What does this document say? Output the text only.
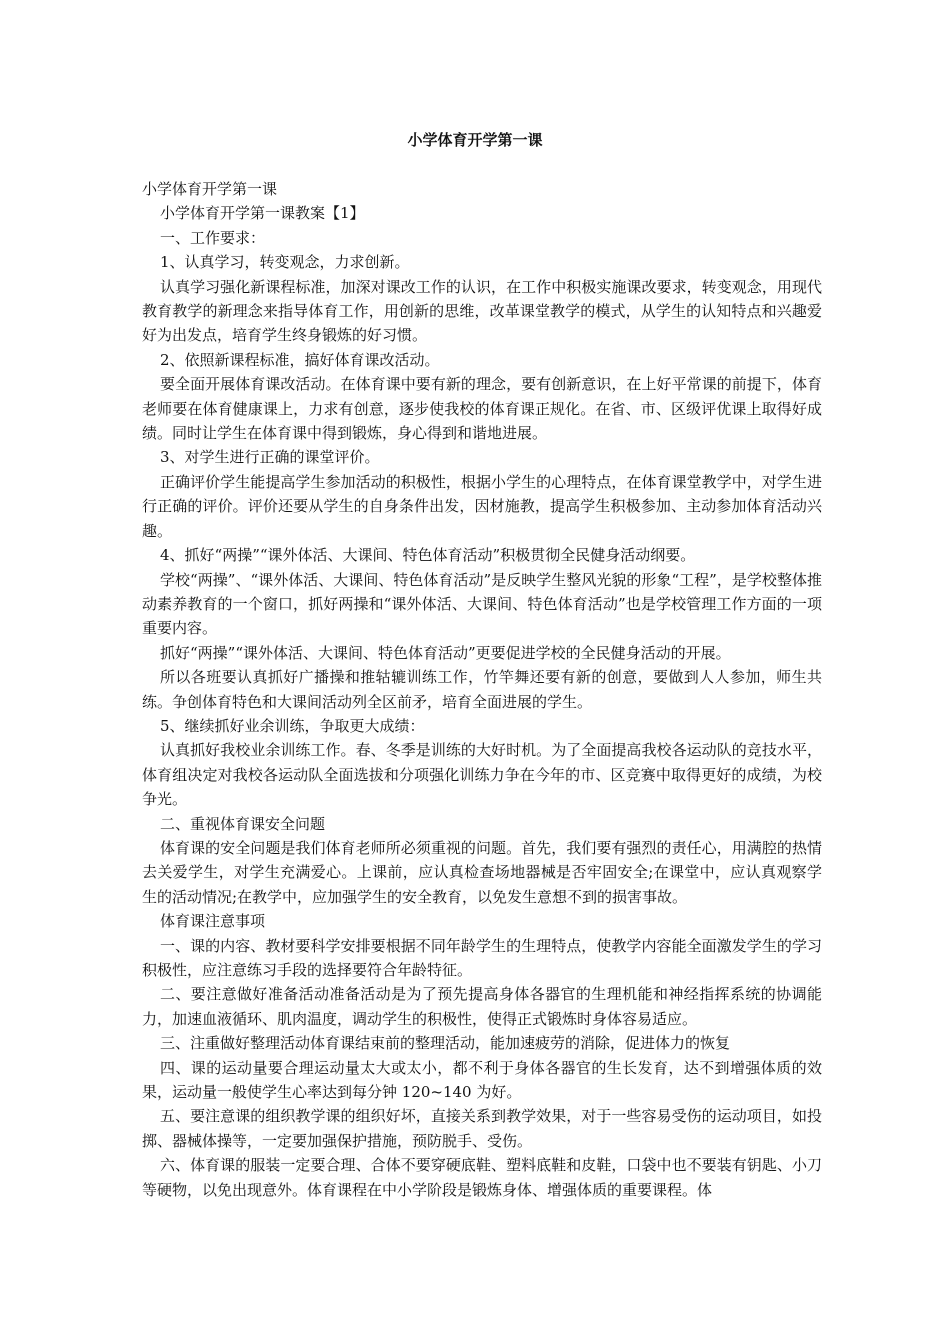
小学体育开学第一课

小学体育开学第一课

小学体育开学第一课教案【1】

一、工作要求：

1、认真学习，转变观念，力求创新。

认真学习强化新课程标准，加深对课改工作的认识，在工作中积极实施课改要求，转变观念，用现代教育教学的新理念来指导体育工作，用创新的思维，改革课堂教学的模式，从学生的认知特点和兴趣爱好为出发点，培育学生终身锻炼的好习惯。

2、依照新课程标准，搞好体育课改活动。

要全面开展体育课改活动。在体育课中要有新的理念，要有创新意识，在上好平常课的前提下，体育老师要在体育健康课上，力求有创意，逐步使我校的体育课正规化。在省、市、区级评优课上取得好成绩。同时让学生在体育课中得到锻炼，身心得到和谐地进展。

3、对学生进行正确的课堂评价。

正确评价学生能提高学生参加活动的积极性，根据小学生的心理特点，在体育课堂教学中，对学生进行正确的评价。评价还要从学生的自身条件出发，因材施教，提高学生积极参加、主动参加体育活动兴趣。

4、抓好“两操”“课外体活、大课间、特色体育活动”积极贯彻全民健身活动纲要。

学校“两操”、“课外体活、大课间、特色体育活动”是反映学生整风光貌的形象“工程”，是学校整体推动素养教育的一个窗口，抓好两操和“课外体活、大课间、特色体育活动”也是学校管理工作方面的一项重要内容。

抓好“两操”“课外体活、大课间、特色体育活动”更要促进学校的全民健身活动的开展。

所以各班要认真抓好广播操和推轱辘训练工作，竹竿舞还要有新的创意，要做到人人参加，师生共练。争创体育特色和大课间活动列全区前矛，培育全面进展的学生。

5、继续抓好业余训练，争取更大成绩：

认真抓好我校业余训练工作。春、冬季是训练的大好时机。为了全面提高我校各运动队的竞技水平，体育组决定对我校各运动队全面选拔和分项强化训练力争在今年的市、区竞赛中取得更好的成绩，为校争光。

二、重视体育课安全问题

体育课的安全问题是我们体育老师所必须重视的问题。首先，我们要有强烈的责任心，用满腔的热情去关爱学生，对学生充满爱心。上课前，应认真检查场地器械是否牢固安全;在课堂中，应认真观察学生的活动情况;在教学中，应加强学生的安全教育，以免发生意想不到的损害事故。

体育课注意事项

一、课的内容、教材要科学安排要根据不同年龄学生的生理特点，使教学内容能全面激发学生的学习积极性，应注意练习手段的选择要符合年龄特征。

二、要注意做好准备活动准备活动是为了预先提高身体各器官的生理机能和神经指挥系统的协调能力，加速血液循环、肌肉温度，调动学生的积极性，使得正式锻炼时身体容易适应。

三、注重做好整理活动体育课结束前的整理活动，能加速疲劳的消除，促进体力的恢复

四、课的运动量要合理运动量太大或太小，都不利于身体各器官的生长发育，达不到增强体质的效果，运动量一般使学生心率达到每分钟 120~140 为好。

五、要注意课的组织教学课的组织好坏，直接关系到教学效果，对于一些容易受伤的运动项目，如投掷、器械体操等，一定要加强保护措施，预防脱手、受伤。

六、体育课的服装一定要合理、合体不要穿硬底鞋、塑料底鞋和皮鞋，口袋中也不要装有钥匙、小刀等硬物，以免出现意外。体育课程在中小学阶段是锻炼身体、增强体质的重要课程。体
